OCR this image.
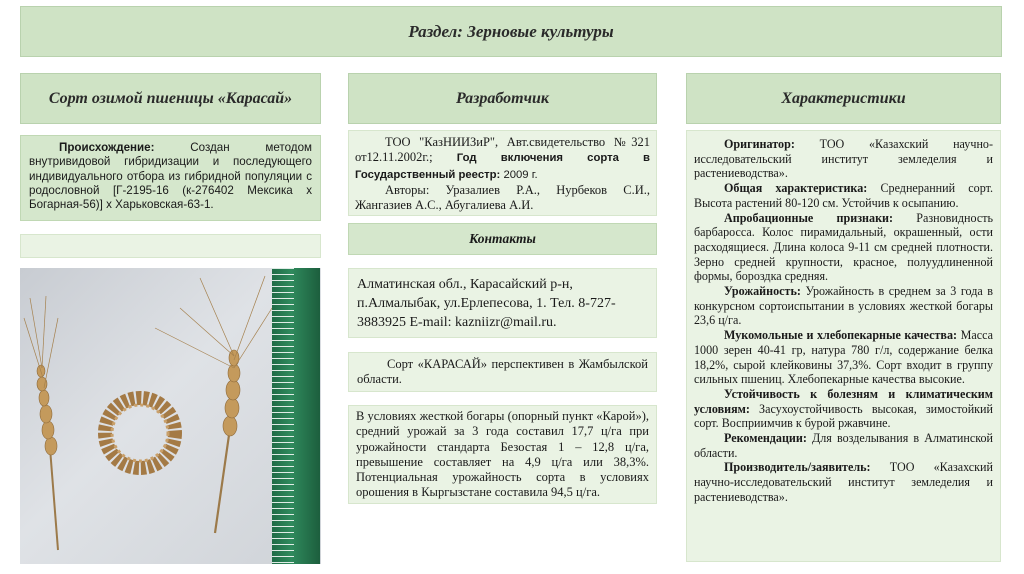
Раздел: Зерновые культуры
Сорт озимой пшеницы «Карасай»

Происхождение: Создан методом внутривидовой гибридизации и последующего индивидуального отбора из гибридной популяции с родословной [Г-2195-16 (к-276402 Мексика х Богарная-56)] х Харьковская-63-1.

Разработчик

ТОО "КазНИИЗиР", Авт.свидетельство №321 от12.11.2002г.; Год включения сорта в Государственный реестр: 2009 г.

Авторы: Уразалиев Р.А., Нурбеков С.И., Жангазиев А.С., Абугалиева А.И.

Контакты

Алматинская обл., Карасайский р-н, п.Алмалыбак, ул.Ерлепесова, 1. Тел. 8-727-3883925 E-mail: kazniizr@mail.ru.

Сорт «КАРАСАЙ» перспективен в Жамбылской области.

В условиях жесткой богары (опорный пункт «Карой»), средний урожай за 3 года составил 17,7 ц/га при урожайности стандарта Безостая 1 – 12,8 ц/га, превышение составляет на 4,9 ц/га или 38,3%. Потенциальная урожайность сорта в условиях орошения в Кыргызстане составила 94,5 ц/га.

Характеристики

Оригинатор: ТОО «Казахский научно-исследовательский институт земледелия и растениеводства».

Общая характеристика: Среднеранний сорт. Высота растений 80-120 см. Устойчив к осыпанию.

Апробационные признаки: Разновидность барбаросса. Колос пирамидальный, окрашенный, ости расходящиеся. Длина колоса 9-11 см средней плотности. Зерно средней крупности, красное, полуудлиненной формы, бороздка средняя.

Урожайность: Урожайность в среднем за 3 года в конкурсном сортоиспытании в условиях жесткой богары 23,6 ц/га.

Мукомольные и хлебопекарные качества: Масса 1000 зерен 40-41 гр, натура 780 г/л, содержание белка 18,2%, сырой клейковины 37,3%. Сорт входит в группу сильных пшениц. Хлебопекарные качества высокие.

Устойчивость к болезням и климатическим условиям: Засухоустойчивость высокая, зимостойкий сорт. Восприимчив к бурой ржавчине.

Рекомендации: Для возделывания в Алматинской области.

Производитель/заявитель: ТОО «Казахский научно-исследовательский институт земледелия и растениеводства».
